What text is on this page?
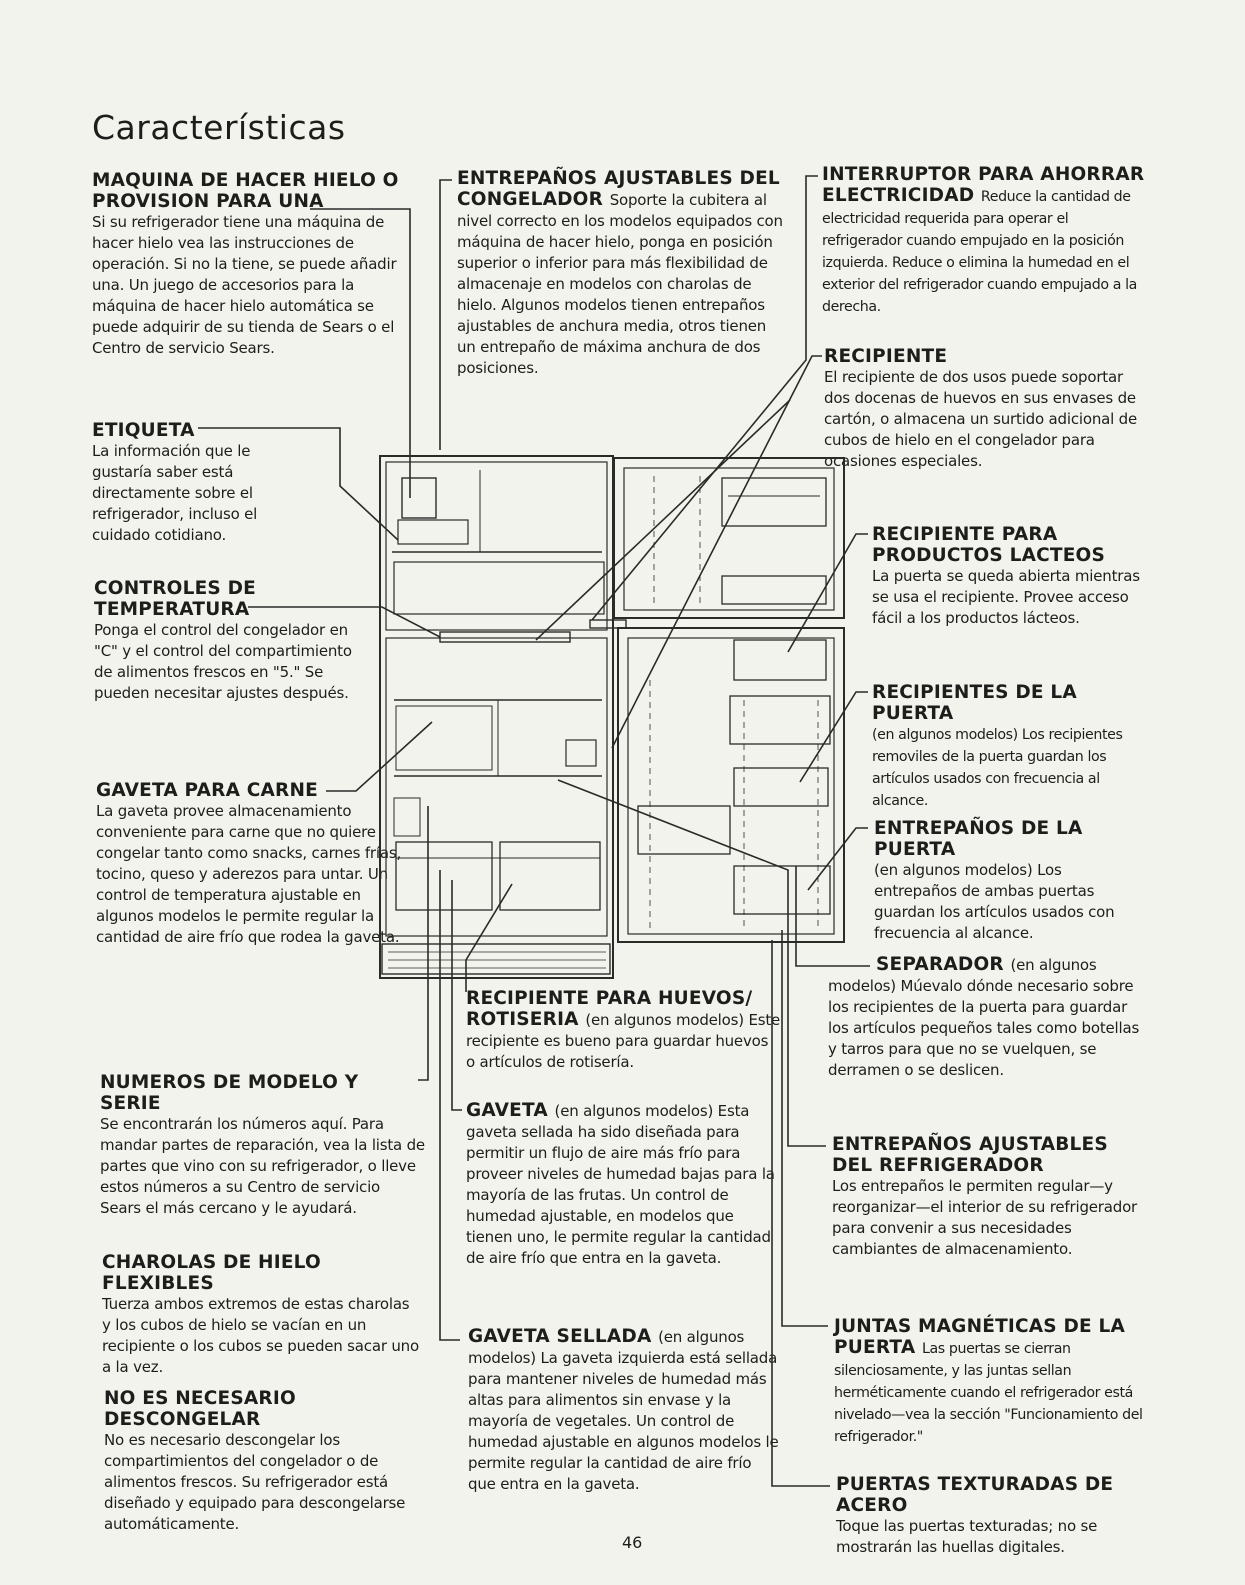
Características
MAQUINA DE HACER HIELO O PROVISION PARA UNA
Si su refrigerador tiene una máquina de hacer hielo vea las instrucciones de operación. Si no la tiene, se puede añadir una. Un juego de accesorios para la máquina de hacer hielo automática se puede adquirir de su tienda de Sears o el Centro de servicio Sears.
ETIQUETA
La información que le gustaría saber está directamente sobre el refrigerador, incluso el cuidado cotidiano.
CONTROLES DE TEMPERATURA
Ponga el control del congelador en "C" y el control del compartimiento de alimentos frescos en "5." Se pueden necesitar ajustes después.
GAVETA PARA CARNE
La gaveta provee almacenamiento conveniente para carne que no quiere congelar tanto como snacks, carnes frías, tocino, queso y aderezos para untar. Un control de temperatura ajustable en algunos modelos le permite regular la cantidad de aire frío que rodea la gaveta.
NUMEROS DE MODELO Y SERIE
Se encontrarán los números aquí. Para mandar partes de reparación, vea la lista de partes que vino con su refrigerador, o lleve estos números a su Centro de servicio Sears el más cercano y le ayudará.
CHAROLAS DE HIELO FLEXIBLES
Tuerza ambos extremos de estas charolas y los cubos de hielo se vacían en un recipiente o los cubos se pueden sacar uno a la vez.
NO ES NECESARIO DESCONGELAR
No es necesario descongelar los compartimientos del congelador o de alimentos frescos. Su refrigerador está diseñado y equipado para descongelarse automáticamente.
ENTREPAÑOS AJUSTABLES DEL CONGELADOR Soporte la cubitera al nivel correcto en los modelos equipados con máquina de hacer hielo, ponga en posición superior o inferior para más flexibilidad de almacenaje en modelos con charolas de hielo. Algunos modelos tienen entrepaños ajustables de anchura media, otros tienen un entrepaño de máxima anchura de dos posiciones.
RECIPIENTE PARA HUEVOS/ ROTISERIA (en algunos modelos) Este recipiente es bueno para guardar huevos o artículos de rotisería.
GAVETA (en algunos modelos) Esta gaveta sellada ha sido diseñada para permitir un flujo de aire más frío para proveer niveles de humedad bajas para la mayoría de las frutas. Un control de humedad ajustable, en modelos que tienen uno, le permite regular la cantidad de aire frío que entra en la gaveta.
GAVETA SELLADA (en algunos modelos) La gaveta izquierda está sellada para mantener niveles de humedad más altas para alimentos sin envase y la mayoría de vegetales. Un control de humedad ajustable en algunos modelos le permite regular la cantidad de aire frío que entra en la gaveta.
INTERRUPTOR PARA AHORRAR ELECTRICIDAD Reduce la cantidad de electricidad requerida para operar el refrigerador cuando empujado en la posición izquierda. Reduce o elimina la humedad en el exterior del refrigerador cuando empujado a la derecha.
RECIPIENTE
El recipiente de dos usos puede soportar dos docenas de huevos en sus envases de cartón, o almacena un surtido adicional de cubos de hielo en el congelador para ocasiones especiales.
RECIPIENTE PARA PRODUCTOS LACTEOS
La puerta se queda abierta mientras se usa el recipiente. Provee acceso fácil a los productos lácteos.
RECIPIENTES DE LA PUERTA
(en algunos modelos) Los recipientes removiles de la puerta guardan los artículos usados con frecuencia al alcance.
ENTREPAÑOS DE LA PUERTA
(en algunos modelos) Los entrepaños de ambas puertas guardan los artículos usados con frecuencia al alcance.
SEPARADOR (en algunos modelos) Múevalo dónde necesario sobre los recipientes de la puerta para guardar los artículos pequeños tales como botellas y tarros para que no se vuelquen, se derramen o se deslicen.
ENTREPAÑOS AJUSTABLES DEL REFRIGERADOR
Los entrepaños le permiten regular—y reorganizar—el interior de su refrigerador para convenir a sus necesidades cambiantes de almacenamiento.
JUNTAS MAGNÉTICAS DE LA PUERTA Las puertas se cierran silenciosamente, y las juntas sellan herméticamente cuando el refrigerador está nivelado—vea la sección "Funcionamiento del refrigerador."
PUERTAS TEXTURADAS DE ACERO
Toque las puertas texturadas; no se mostrarán las huellas digitales.
46
